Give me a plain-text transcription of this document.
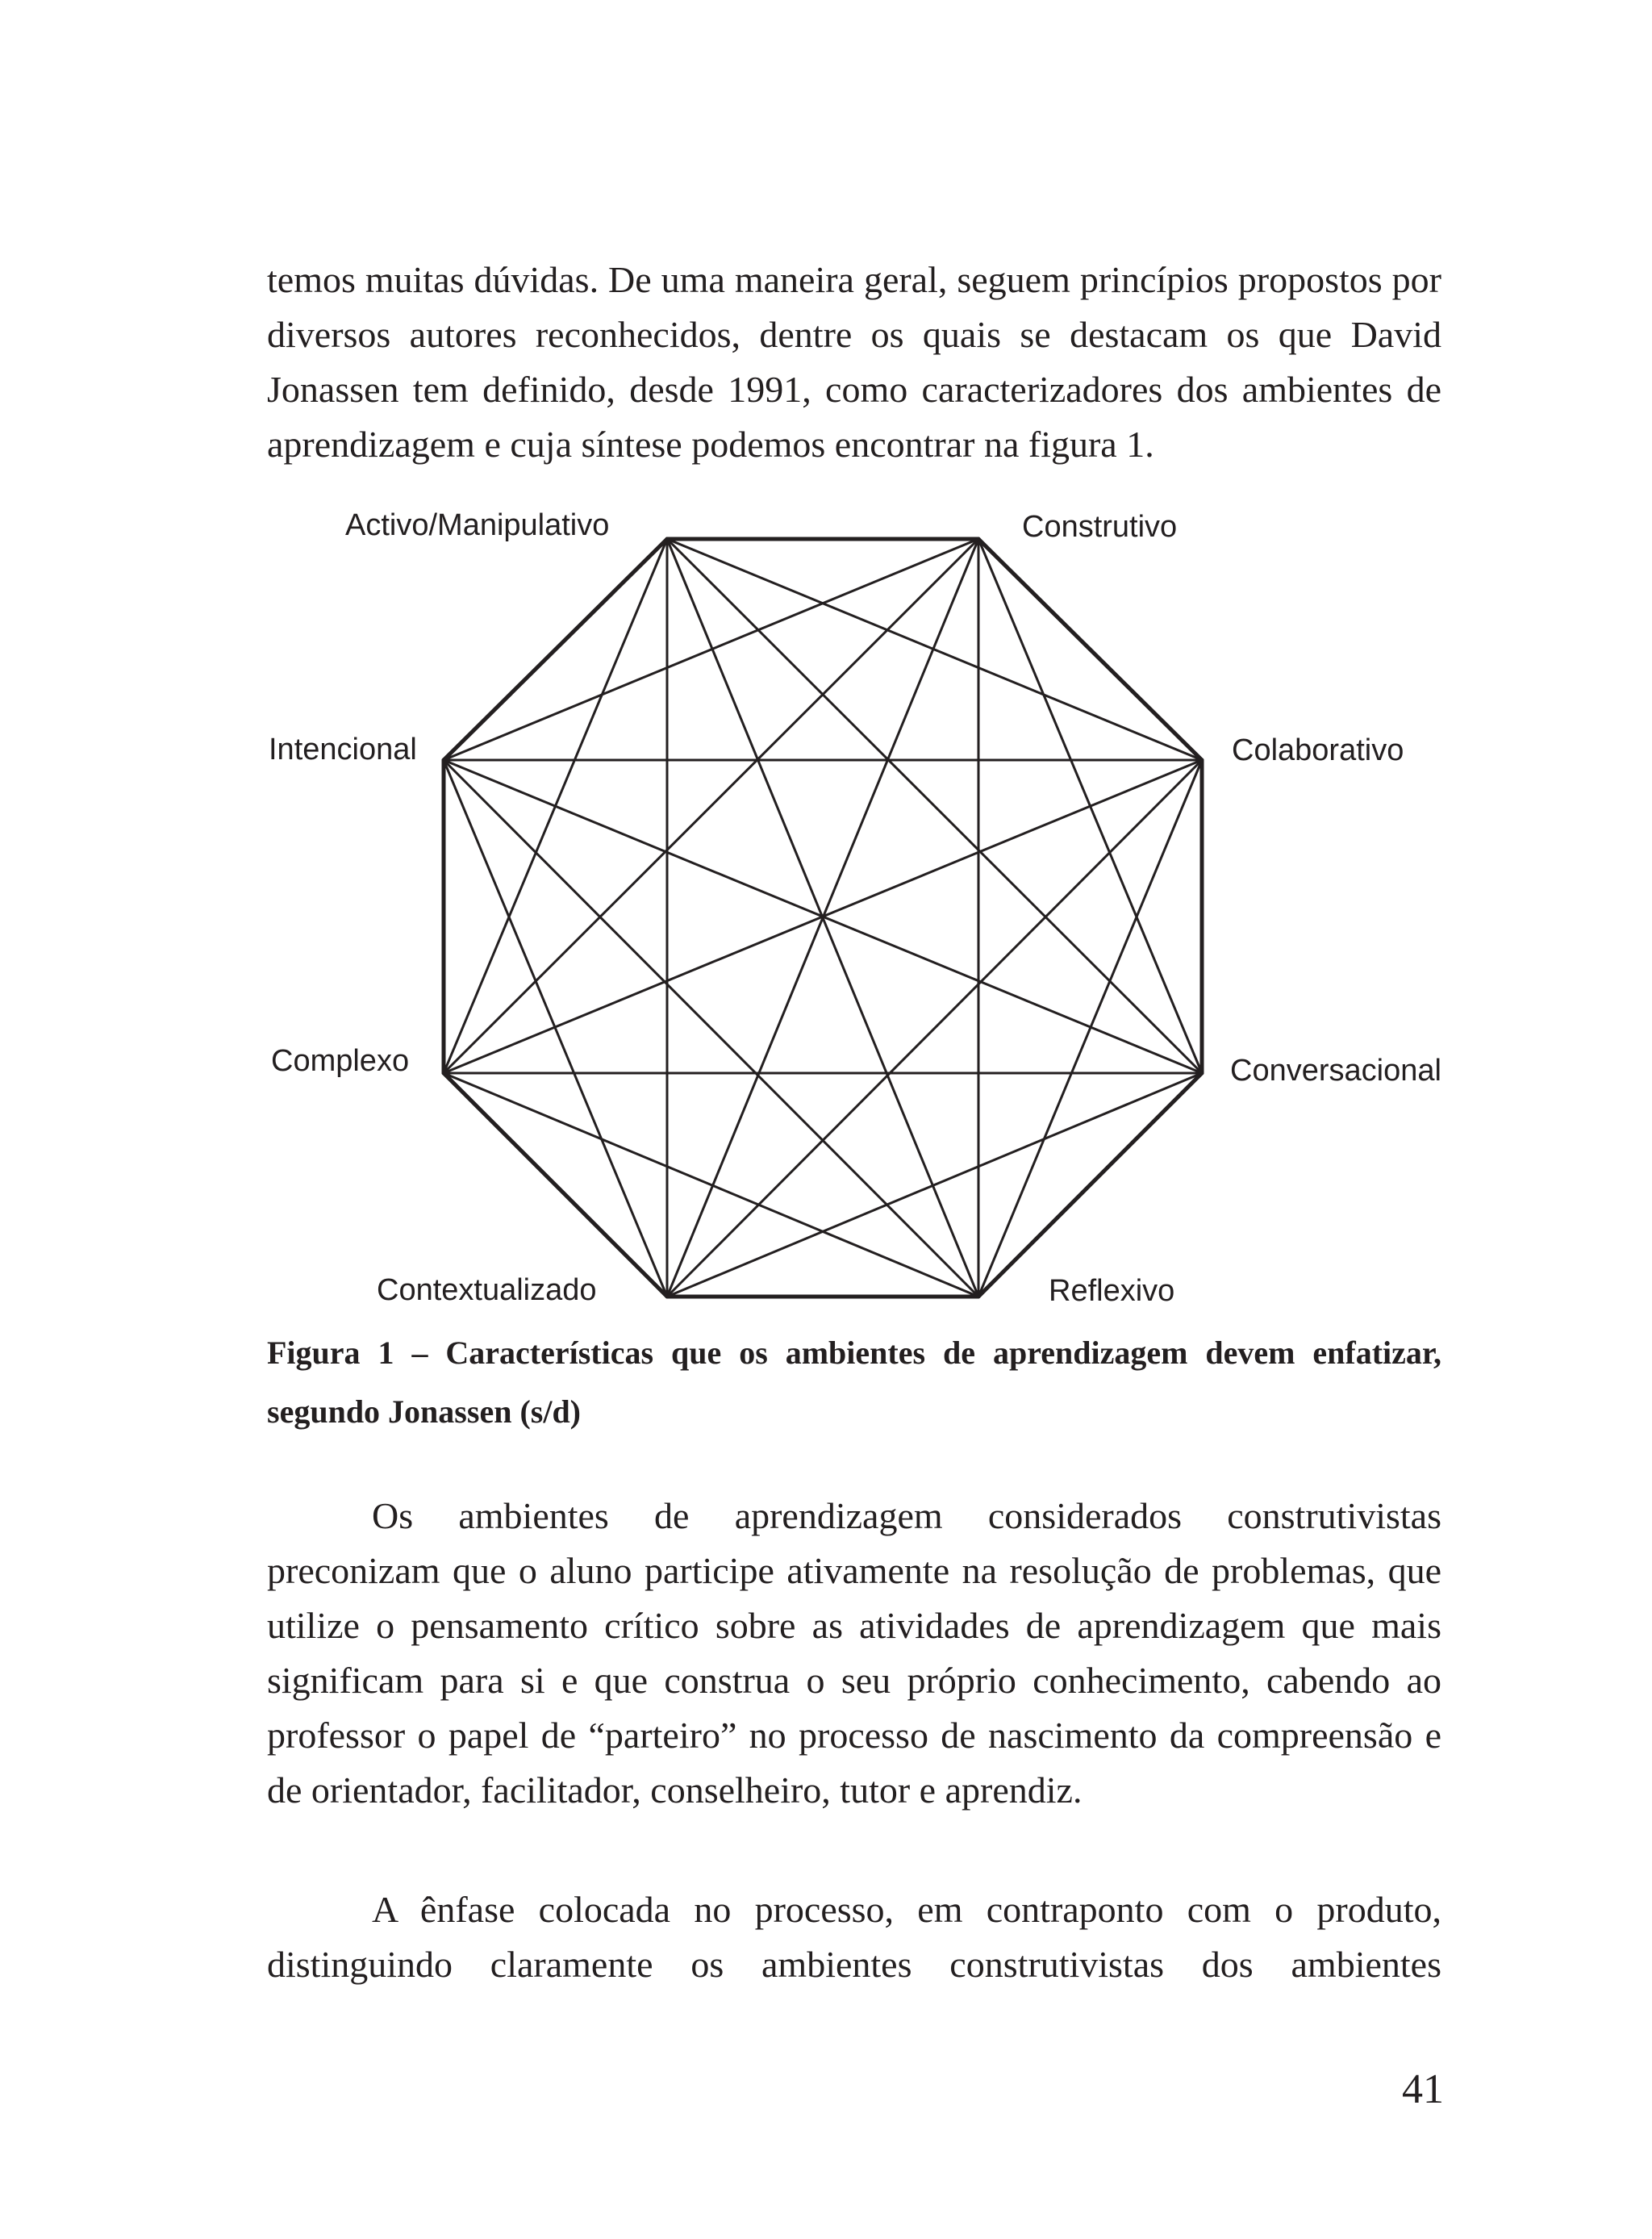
temos muitas dúvidas. De uma maneira geral, seguem princípios propostos por diversos autores reconhecidos, dentre os quais se destacam os que David Jonassen tem definido, desde 1991, como caracterizadores dos ambientes de aprendizagem e cuja síntese podemos encontrar na figura 1.
Activo/Manipulativo	Construtivo
Colaborativo
Conversacional
Reflexivo
Contextualizado
Complexo
Intencional
Figura 1 – Características que os ambientes de aprendizagem devem enfatizar, segundo Jonassen (s/d)
Os ambientes de aprendizagem considerados construtivistas preconizam que o aluno participe ativamente na resolução de problemas, que utilize o pensamento crítico sobre as atividades de aprendizagem que mais significam para si e que construa o seu próprio conhecimento, cabendo ao professor o papel de “parteiro” no processo de nascimento da compreensão e de orientador, facilitador, conselheiro, tutor e aprendiz.
A ênfase colocada no processo, em contraponto com o produto, distinguindo claramente os ambientes construtivistas dos ambientes
41
